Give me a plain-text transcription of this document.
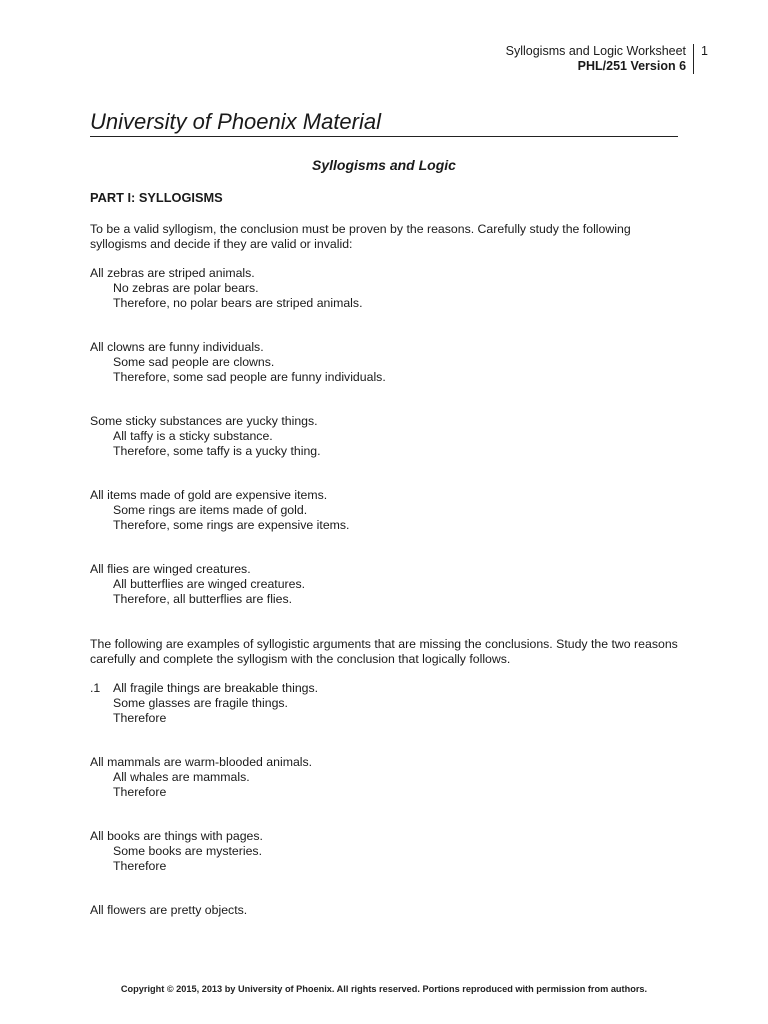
Syllogisms and Logic Worksheet
PHL/251 Version 6
1
University of Phoenix Material
Syllogisms and Logic
PART I: SYLLOGISMS
To be a valid syllogism, the conclusion must be proven by the reasons. Carefully study the following syllogisms and decide if they are valid or invalid:
All zebras are striped animals.
No zebras are polar bears.
Therefore, no polar bears are striped animals.
All clowns are funny individuals.
Some sad people are clowns.
Therefore, some sad people are funny individuals.
Some sticky substances are yucky things.
All taffy is a sticky substance.
Therefore, some taffy is a yucky thing.
All items made of gold are expensive items.
Some rings are items made of gold.
Therefore, some rings are expensive items.
All flies are winged creatures.
All butterflies are winged creatures.
Therefore, all butterflies are flies.
The following are examples of syllogistic arguments that are missing the conclusions. Study the two reasons carefully and complete the syllogism with the conclusion that logically follows.
.1	All fragile things are breakable things.
Some glasses are fragile things.
Therefore
All mammals are warm-blooded animals.
All whales are mammals.
Therefore
All books are things with pages.
Some books are mysteries.
Therefore
All flowers are pretty objects.
Copyright © 2015, 2013 by University of Phoenix. All rights reserved. Portions reproduced with permission from authors.
